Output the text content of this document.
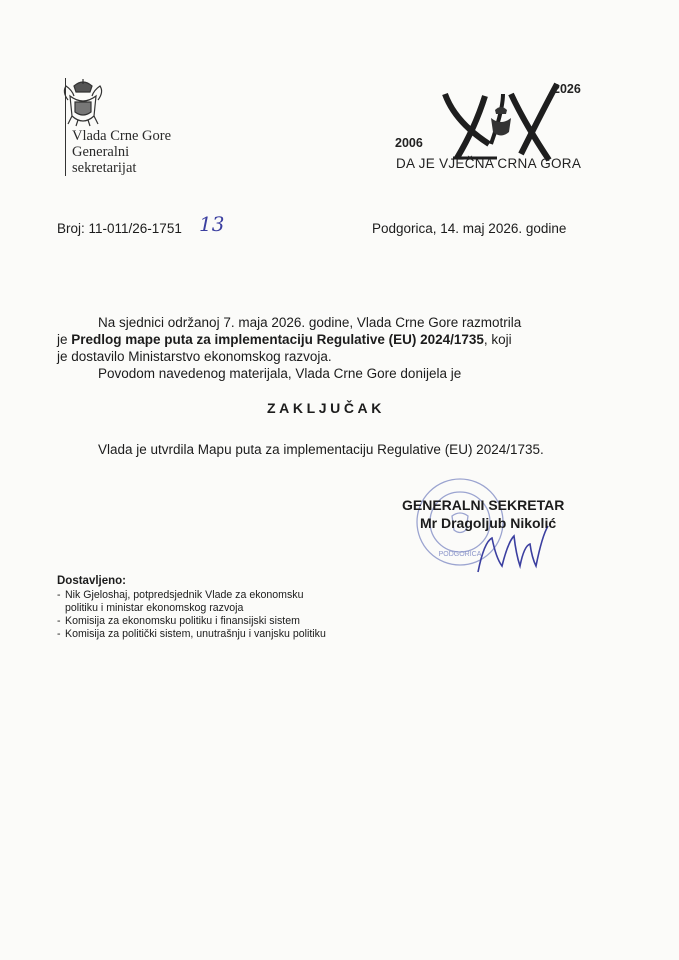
Vlada Crne Gore
Generalni
sekretarijat
2006
2026
DA JE VJEČNA CRNA GORA
Broj: 11-011/26-1751 13	Podgorica, 14. maj 2026. godine
Na sjednici održanoj 7. maja 2026. godine, Vlada Crne Gore razmotrila
je Predlog mape puta za implementaciju Regulative (EU) 2024/1735, koji
je dostavilo Ministarstvo ekonomskog razvoja.
Povodom navedenog materijala, Vlada Crne Gore donijela je
ZAKLJUČAK
Vlada je utvrdila Mapu puta za implementaciju Regulative (EU) 2024/1735.
PODGORICA
GENERALNI SEKRETAR
Mr Dragoljub Nikolić
Dostavljeno:
- Nik Gjeloshaj, potpredsjednik Vlade za ekonomsku politiku i ministar ekonomskog razvoja
- Komisija za ekonomsku politiku i finansijski sistem
- Komisija za politički sistem, unutrašnju i vanjsku politiku
